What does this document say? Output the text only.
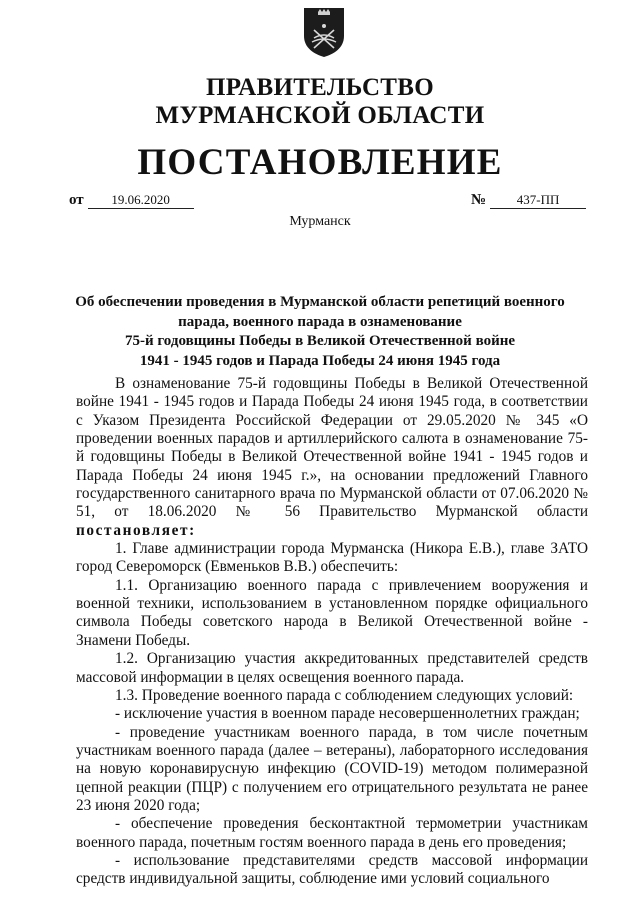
ПРАВИТЕЛЬСТВО
МУРМАНСКОЙ ОБЛАСТИ
ПОСТАНОВЛЕНИЕ
от 19.06.2020	№ 437-ПП
Мурманск
Об обеспечении проведения в Мурманской области репетиций военного
парада, военного парада в ознаменование
75-й годовщины Победы в Великой Отечественной войне
1941 - 1945 годов и Парада Победы 24 июня 1945 года

В ознаменование 75-й годовщины Победы в Великой Отечественной войне 1941 - 1945 годов и Парада Победы 24 июня 1945 года, в соответствии с Указом Президента Российской Федерации от 29.05.2020 № 345 «О проведении военных парадов и артиллерийского салюта в ознаменование 75-й годовщины Победы в Великой Отечественной войне 1941 - 1945 годов и Парада Победы 24 июня 1945 г.», на основании предложений Главного государственного санитарного врача по Мурманской области от 07.06.2020 № 51, от 18.06.2020 № 56 Правительство Мурманской области постановляет:

1. Главе администрации города Мурманска (Никора Е.В.), главе ЗАТО город Североморск (Евменьков В.В.) обеспечить:

1.1. Организацию военного парада с привлечением вооружения и военной техники, использованием в установленном порядке официального символа Победы советского народа в Великой Отечественной войне - Знамени Победы.

1.2. Организацию участия аккредитованных представителей средств массовой информации в целях освещения военного парада.

1.3. Проведение военного парада с соблюдением следующих условий:

- исключение участия в военном параде несовершеннолетних граждан;

- проведение участникам военного парада, в том числе почетным участникам военного парада (далее – ветераны), лабораторного исследования на новую коронавирусную инфекцию (COVID-19) методом полимеразной цепной реакции (ПЦР) с получением его отрицательного результата не ранее 23 июня 2020 года;

- обеспечение проведения бесконтактной термометрии участникам военного парада, почетным гостям военного парада в день его проведения;

- использование представителями средств массовой информации средств индивидуальной защиты, соблюдение ими условий социального
